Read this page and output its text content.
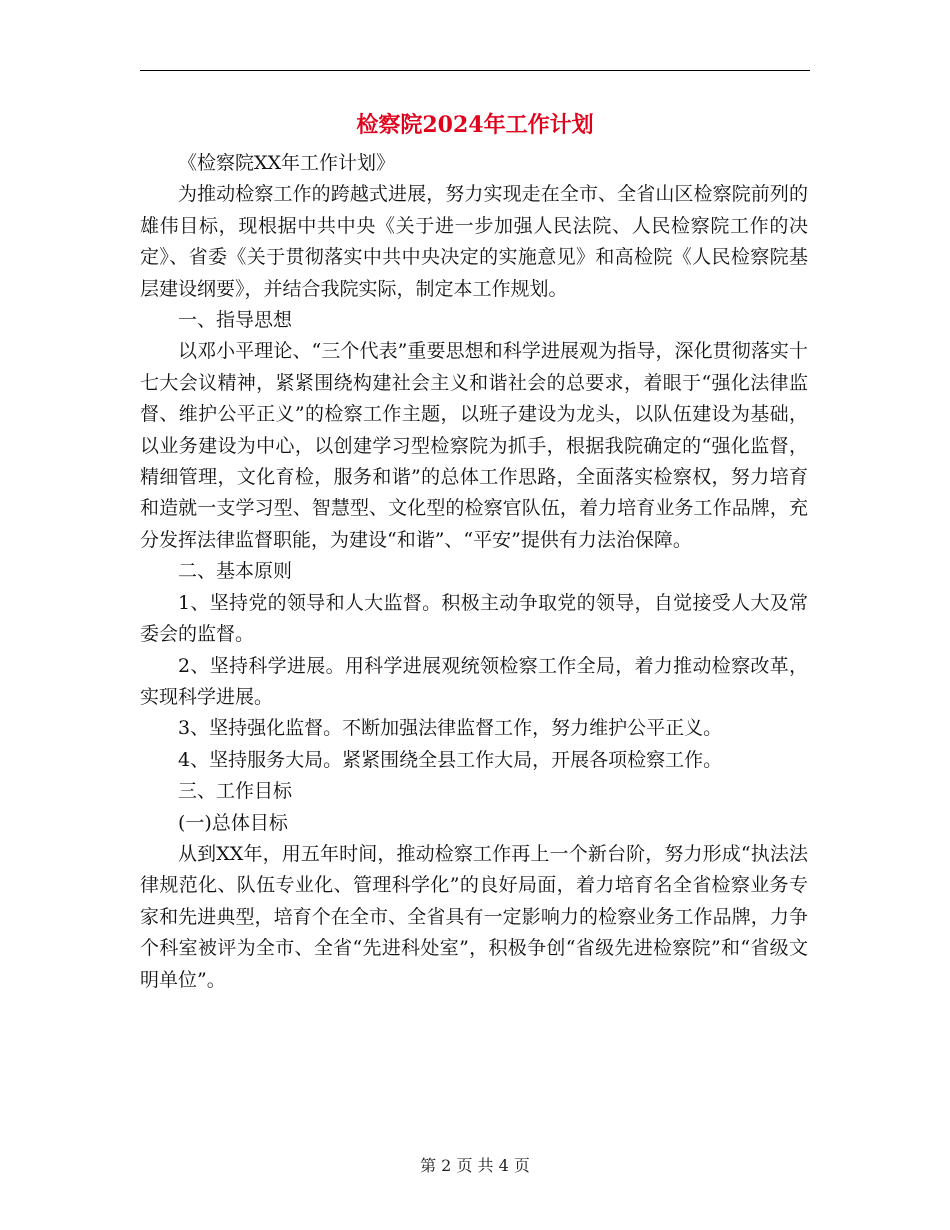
检察院2024年工作计划

《检察院XX年工作计划》

为推动检察工作的跨越式进展，努力实现走在全市、全省山区检察院前列的雄伟目标，现根据中共中央《关于进一步加强人民法院、人民检察院工作的决定》、省委《关于贯彻落实中共中央决定的实施意见》和高检院《人民检察院基层建设纲要》，并结合我院实际，制定本工作规划。

一、指导思想

以邓小平理论、“三个代表”重要思想和科学进展观为指导，深化贯彻落实十七大会议精神，紧紧围绕构建社会主义和谐社会的总要求，着眼于“强化法律监督、维护公平正义”的检察工作主题，以班子建设为龙头，以队伍建设为基础，以业务建设为中心，以创建学习型检察院为抓手，根据我院确定的“强化监督，精细管理，文化育检，服务和谐”的总体工作思路，全面落实检察权，努力培育和造就一支学习型、智慧型、文化型的检察官队伍，着力培育业务工作品牌，充分发挥法律监督职能，为建设“和谐”、“平安”提供有力法治保障。

二、基本原则

1、坚持党的领导和人大监督。积极主动争取党的领导，自觉接受人大及常委会的监督。

2、坚持科学进展。用科学进展观统领检察工作全局，着力推动检察改革，实现科学进展。

3、坚持强化监督。不断加强法律监督工作，努力维护公平正义。

4、坚持服务大局。紧紧围绕全县工作大局，开展各项检察工作。

三、工作目标

(一)总体目标

从到XX年，用五年时间，推动检察工作再上一个新台阶，努力形成“执法法律规范化、队伍专业化、管理科学化”的良好局面，着力培育名全省检察业务专家和先进典型，培育个在全市、全省具有一定影响力的检察业务工作品牌，力争个科室被评为全市、全省“先进科处室”，积极争创“省级先进检察院”和“省级文明单位”。

第 2 页 共 4 页
